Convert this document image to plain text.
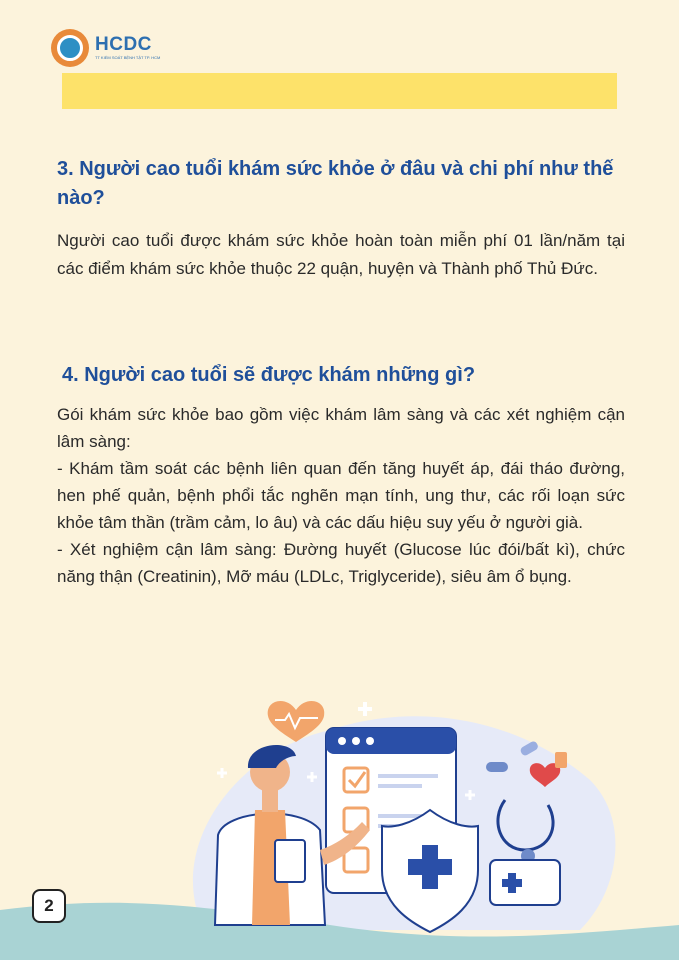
HCDC
TT KIỂM SOÁT BỆNH TẬT TP. HCM
3. Người cao tuổi khám sức khỏe ở đâu và chi phí như thế nào?

Người cao tuổi được khám sức khỏe hoàn toàn miễn phí 01 lần/năm tại các điểm khám sức khỏe thuộc 22 quận, huyện và Thành phố Thủ Đức.

4. Người cao tuổi sẽ được khám những gì?

Gói khám sức khỏe bao gồm việc khám lâm sàng và các xét nghiệm cận lâm sàng:
- Khám tầm soát các bệnh liên quan đến tăng huyết áp, đái tháo đường, hen phế quản, bệnh phổi tắc nghẽn mạn tính, ung thư, các rối loạn sức khỏe tâm thần (trầm cảm, lo âu) và các dấu hiệu suy yếu ở người già.
- Xét nghiệm cận lâm sàng: Đường huyết (Glucose lúc đói/bất kì), chức năng thận (Creatinin), Mỡ máu (LDLc, Triglyceride), siêu âm ổ bụng.

2
